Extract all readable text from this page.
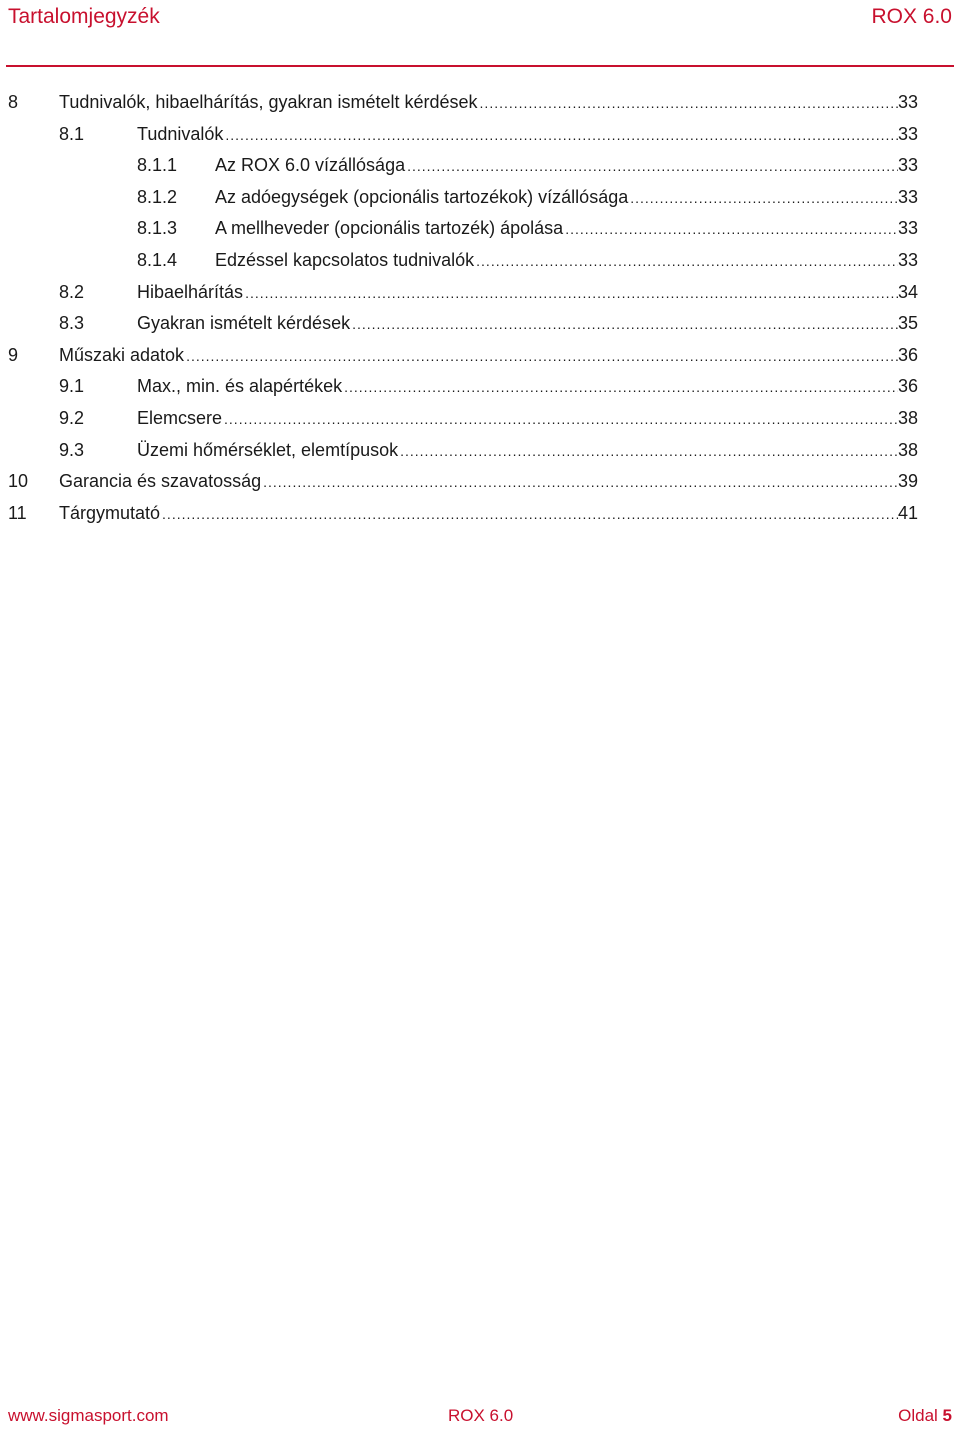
Tartalomjegyzék	ROX 6.0
8 Tudnivalók, hibaelhárítás, gyakran ismételt kérdések .....	33
8.1	Tudnivalók .....	33
8.1.1 Az ROX 6.0 vízállósága .....	33
8.1.2 Az adóegységek (opcionális tartozékok) vízállósága .....	33
8.1.3 A mellheveder (opcionális tartozék) ápolása .....	33
8.1.4 Edzéssel kapcsolatos tudnivalók .....	33
8.2	Hibaelhárítás .....	34
8.3	Gyakran ismételt kérdések .....	35
9 Műszaki adatok .....	36
9.1	Max., min. és alapértékek .....	36
9.2	Elemcsere .....	38
9.3	Üzemi hőmérséklet, elemtípusok .....	38
10 Garancia és szavatosság .....	39
11 Tárgymutató .....	41
www.sigmasport.com	ROX 6.0	Oldal 5
